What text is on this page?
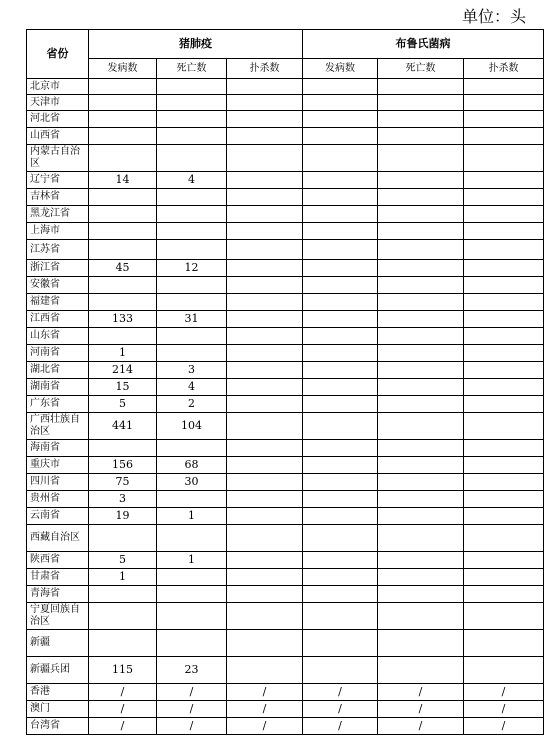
单位：头
省份	猪肺疫			布鲁氏菌病		
	发病数	死亡数	扑杀数	发病数	死亡数	扑杀数
北京市						
天津市						
河北省						
山西省						
内蒙古自治区						
辽宁省	14	4				
吉林省						
黑龙江省						
上海市						
江苏省						
浙江省	45	12				
安徽省						
福建省						
江西省	133	31				
山东省						
河南省	1					
湖北省	214	3				
湖南省	15	4				
广东省	5	2				
广西壮族自治区	441	104				
海南省						
重庆市	156	68				
四川省	75	30				
贵州省	3					
云南省	19	1				
西藏自治区						
陕西省	5	1				
甘肃省	1					
青海省						
宁夏回族自治区						
新疆						
新疆兵团	115	23				
香港	/	/	/	/	/	/
澳门	/	/	/	/	/	/
台湾省	/	/	/	/	/	/
